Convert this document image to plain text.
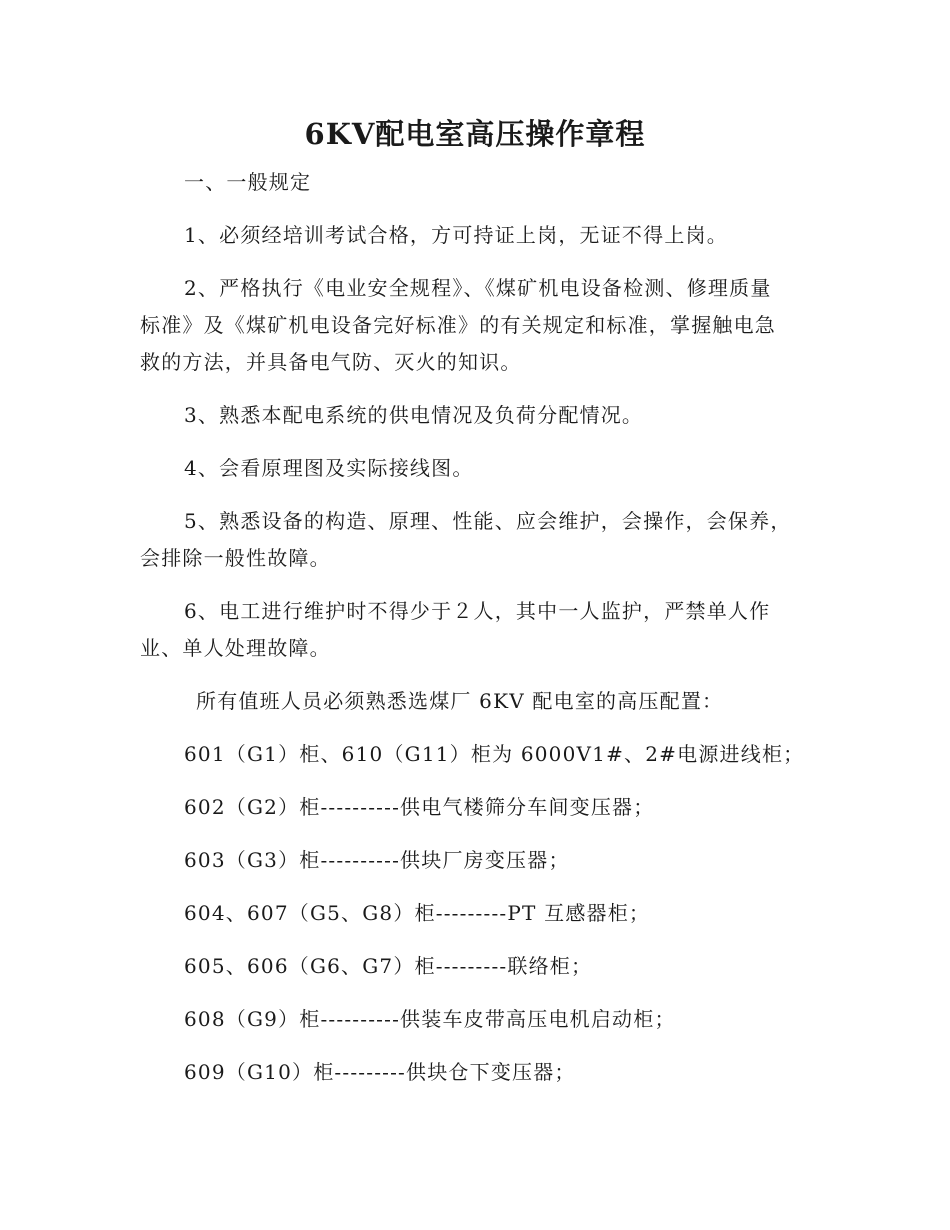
6KV配电室高压操作章程
一、一般规定
1、必须经培训考试合格，方可持证上岗，无证不得上岗。
2、严格执行《电业安全规程》、《煤矿机电设备检测、修理质量
标准》及《煤矿机电设备完好标准》的有关规定和标准，掌握触电急
救的方法，并具备电气防、灭火的知识。
3、熟悉本配电系统的供电情况及负荷分配情况。
4、会看原理图及实际接线图。
5、熟悉设备的构造、原理、性能、应会维护，会操作，会保养，
会排除一般性故障。
6、电工进行维护时不得少于２人，其中一人监护，严禁单人作
业、单人处理故障。
所有值班人员必须熟悉选煤厂 6KV 配电室的高压配置：
601（G1）柜、610（G11）柜为 6000V1#、2#电源进线柜；
602（G2）柜----------供电气楼筛分车间变压器；
603（G3）柜----------供块厂房变压器；
604、607（G5、G8）柜---------PT 互感器柜；
605、606（G6、G7）柜---------联络柜；
608（G9）柜----------供装车皮带高压电机启动柜；
609（G10）柜---------供块仓下变压器；
